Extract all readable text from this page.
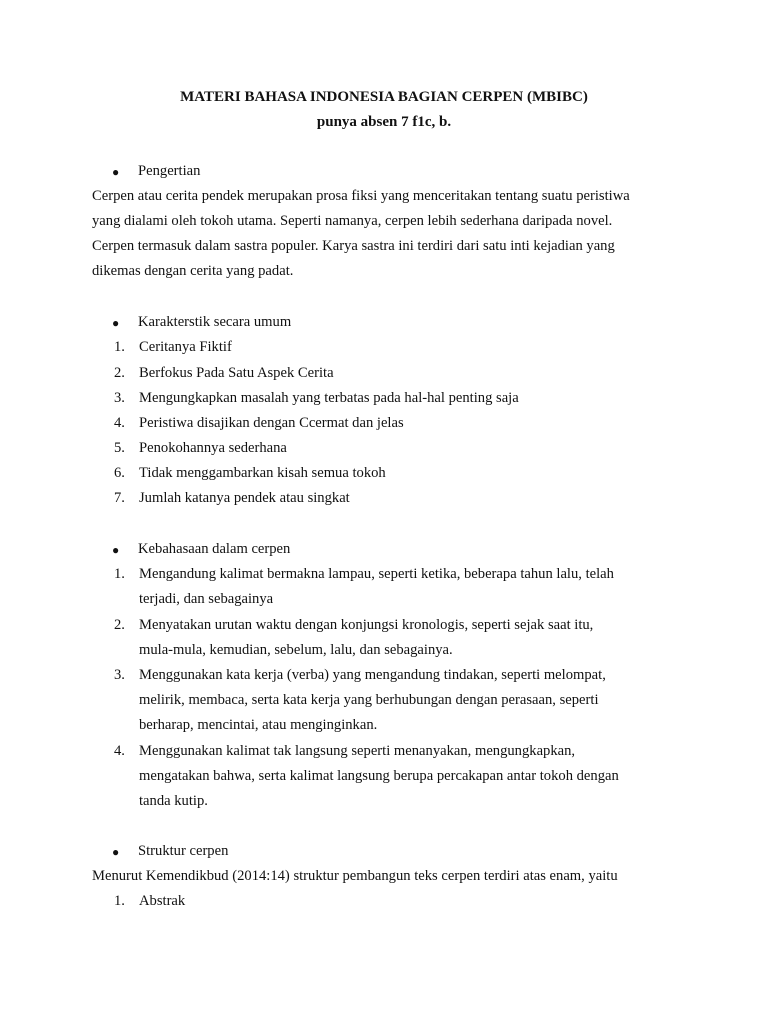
MATERI BAHASA INDONESIA BAGIAN CERPEN (MBIBC)
punya absen 7 f1c, b.
● Pengertian
Cerpen atau cerita pendek merupakan prosa fiksi yang menceritakan tentang suatu peristiwa
yang dialami oleh tokoh utama. Seperti namanya, cerpen lebih sederhana daripada novel.
Cerpen termasuk dalam sastra populer. Karya sastra ini terdiri dari satu inti kejadian yang
dikemas dengan cerita yang padat.
● Karakterstik secara umum
1. Ceritanya Fiktif
2. Berfokus Pada Satu Aspek Cerita
3. Mengungkapkan masalah yang terbatas pada hal-hal penting saja
4. Peristiwa disajikan dengan Ccermat dan jelas
5. Penokohannya sederhana
6. Tidak menggambarkan kisah semua tokoh
7. Jumlah katanya pendek atau singkat
● Kebahasaan dalam cerpen
1. Mengandung kalimat bermakna lampau, seperti ketika, beberapa tahun lalu, telah
terjadi, dan sebagainya
2. Menyatakan urutan waktu dengan konjungsi kronologis, seperti sejak saat itu,
mula-mula, kemudian, sebelum, lalu, dan sebagainya.
3. Menggunakan kata kerja (verba) yang mengandung tindakan, seperti melompat,
melirik, membaca, serta kata kerja yang berhubungan dengan perasaan, seperti
berharap, mencintai, atau menginginkan.
4. Menggunakan kalimat tak langsung seperti menanyakan, mengungkapkan,
mengatakan bahwa, serta kalimat langsung berupa percakapan antar tokoh dengan
tanda kutip.
● Struktur cerpen
Menurut Kemendikbud (2014:14) struktur pembangun teks cerpen terdiri atas enam, yaitu
1. Abstrak
